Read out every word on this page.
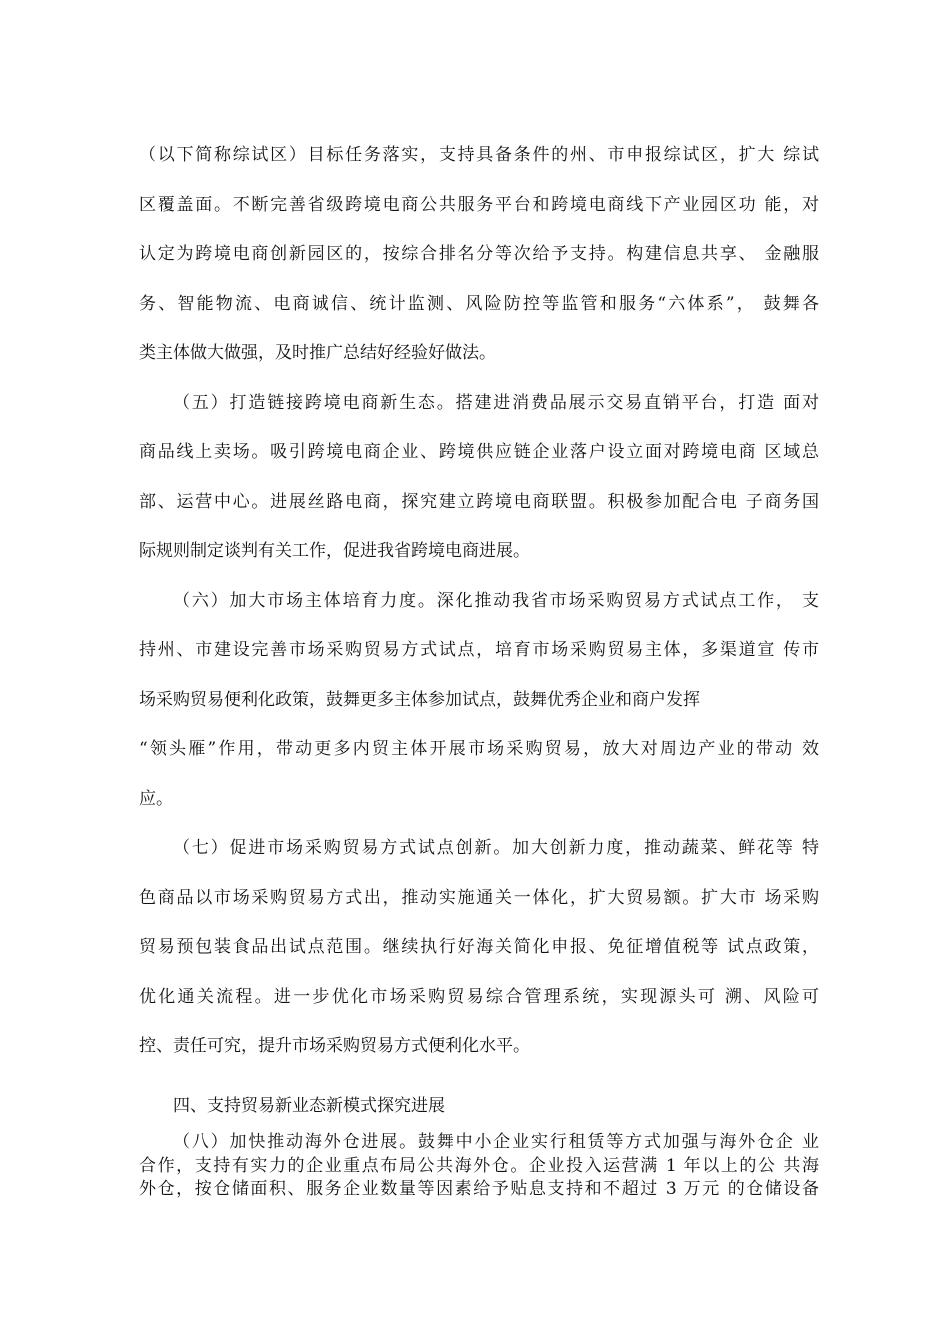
（以下简称综试区）目标任务落实，支持具备条件的州、市申报综试区，扩大 综试
区覆盖面。不断完善省级跨境电商公共服务平台和跨境电商线下产业园区功 能，对
认定为跨境电商创新园区的，按综合排名分等次给予支持。构建信息共享、 金融服
务、智能物流、电商诚信、统计监测、风险防控等监管和服务“六体系”， 鼓舞各
类主体做大做强，及时推广总结好经验好做法。
（五）打造链接跨境电商新生态。搭建进消费品展示交易直销平台，打造 面对
商品线上卖场。吸引跨境电商企业、跨境供应链企业落户设立面对跨境电商 区域总
部、运营中心。进展丝路电商，探究建立跨境电商联盟。积极参加配合电 子商务国
际规则制定谈判有关工作，促进我省跨境电商进展。
（六）加大市场主体培育力度。深化推动我省市场采购贸易方式试点工作， 支
持州、市建设完善市场采购贸易方式试点，培育市场采购贸易主体，多渠道宣 传市
场采购贸易便利化政策，鼓舞更多主体参加试点，鼓舞优秀企业和商户发挥
“领头雁”作用，带动更多内贸主体开展市场采购贸易，放大对周边产业的带动 效
应。
（七）促进市场采购贸易方式试点创新。加大创新力度，推动蔬菜、鲜花等 特
色商品以市场采购贸易方式出，推动实施通关一体化，扩大贸易额。扩大市 场采购
贸易预包装食品出试点范围。继续执行好海关简化申报、免征增值税等 试点政策，
优化通关流程。进一步优化市场采购贸易综合管理系统，实现源头可 溯、风险可
控、责任可究，提升市场采购贸易方式便利化水平。
四、支持贸易新业态新模式探究进展
（八）加快推动海外仓进展。鼓舞中小企业实行租赁等方式加强与海外仓企 业
合作，支持有实力的企业重点布局公共海外仓。企业投入运营满 1 年以上的公 共海
外仓，按仓储面积、服务企业数量等因素给予贴息支持和不超过 3 万元 的仓储设备
